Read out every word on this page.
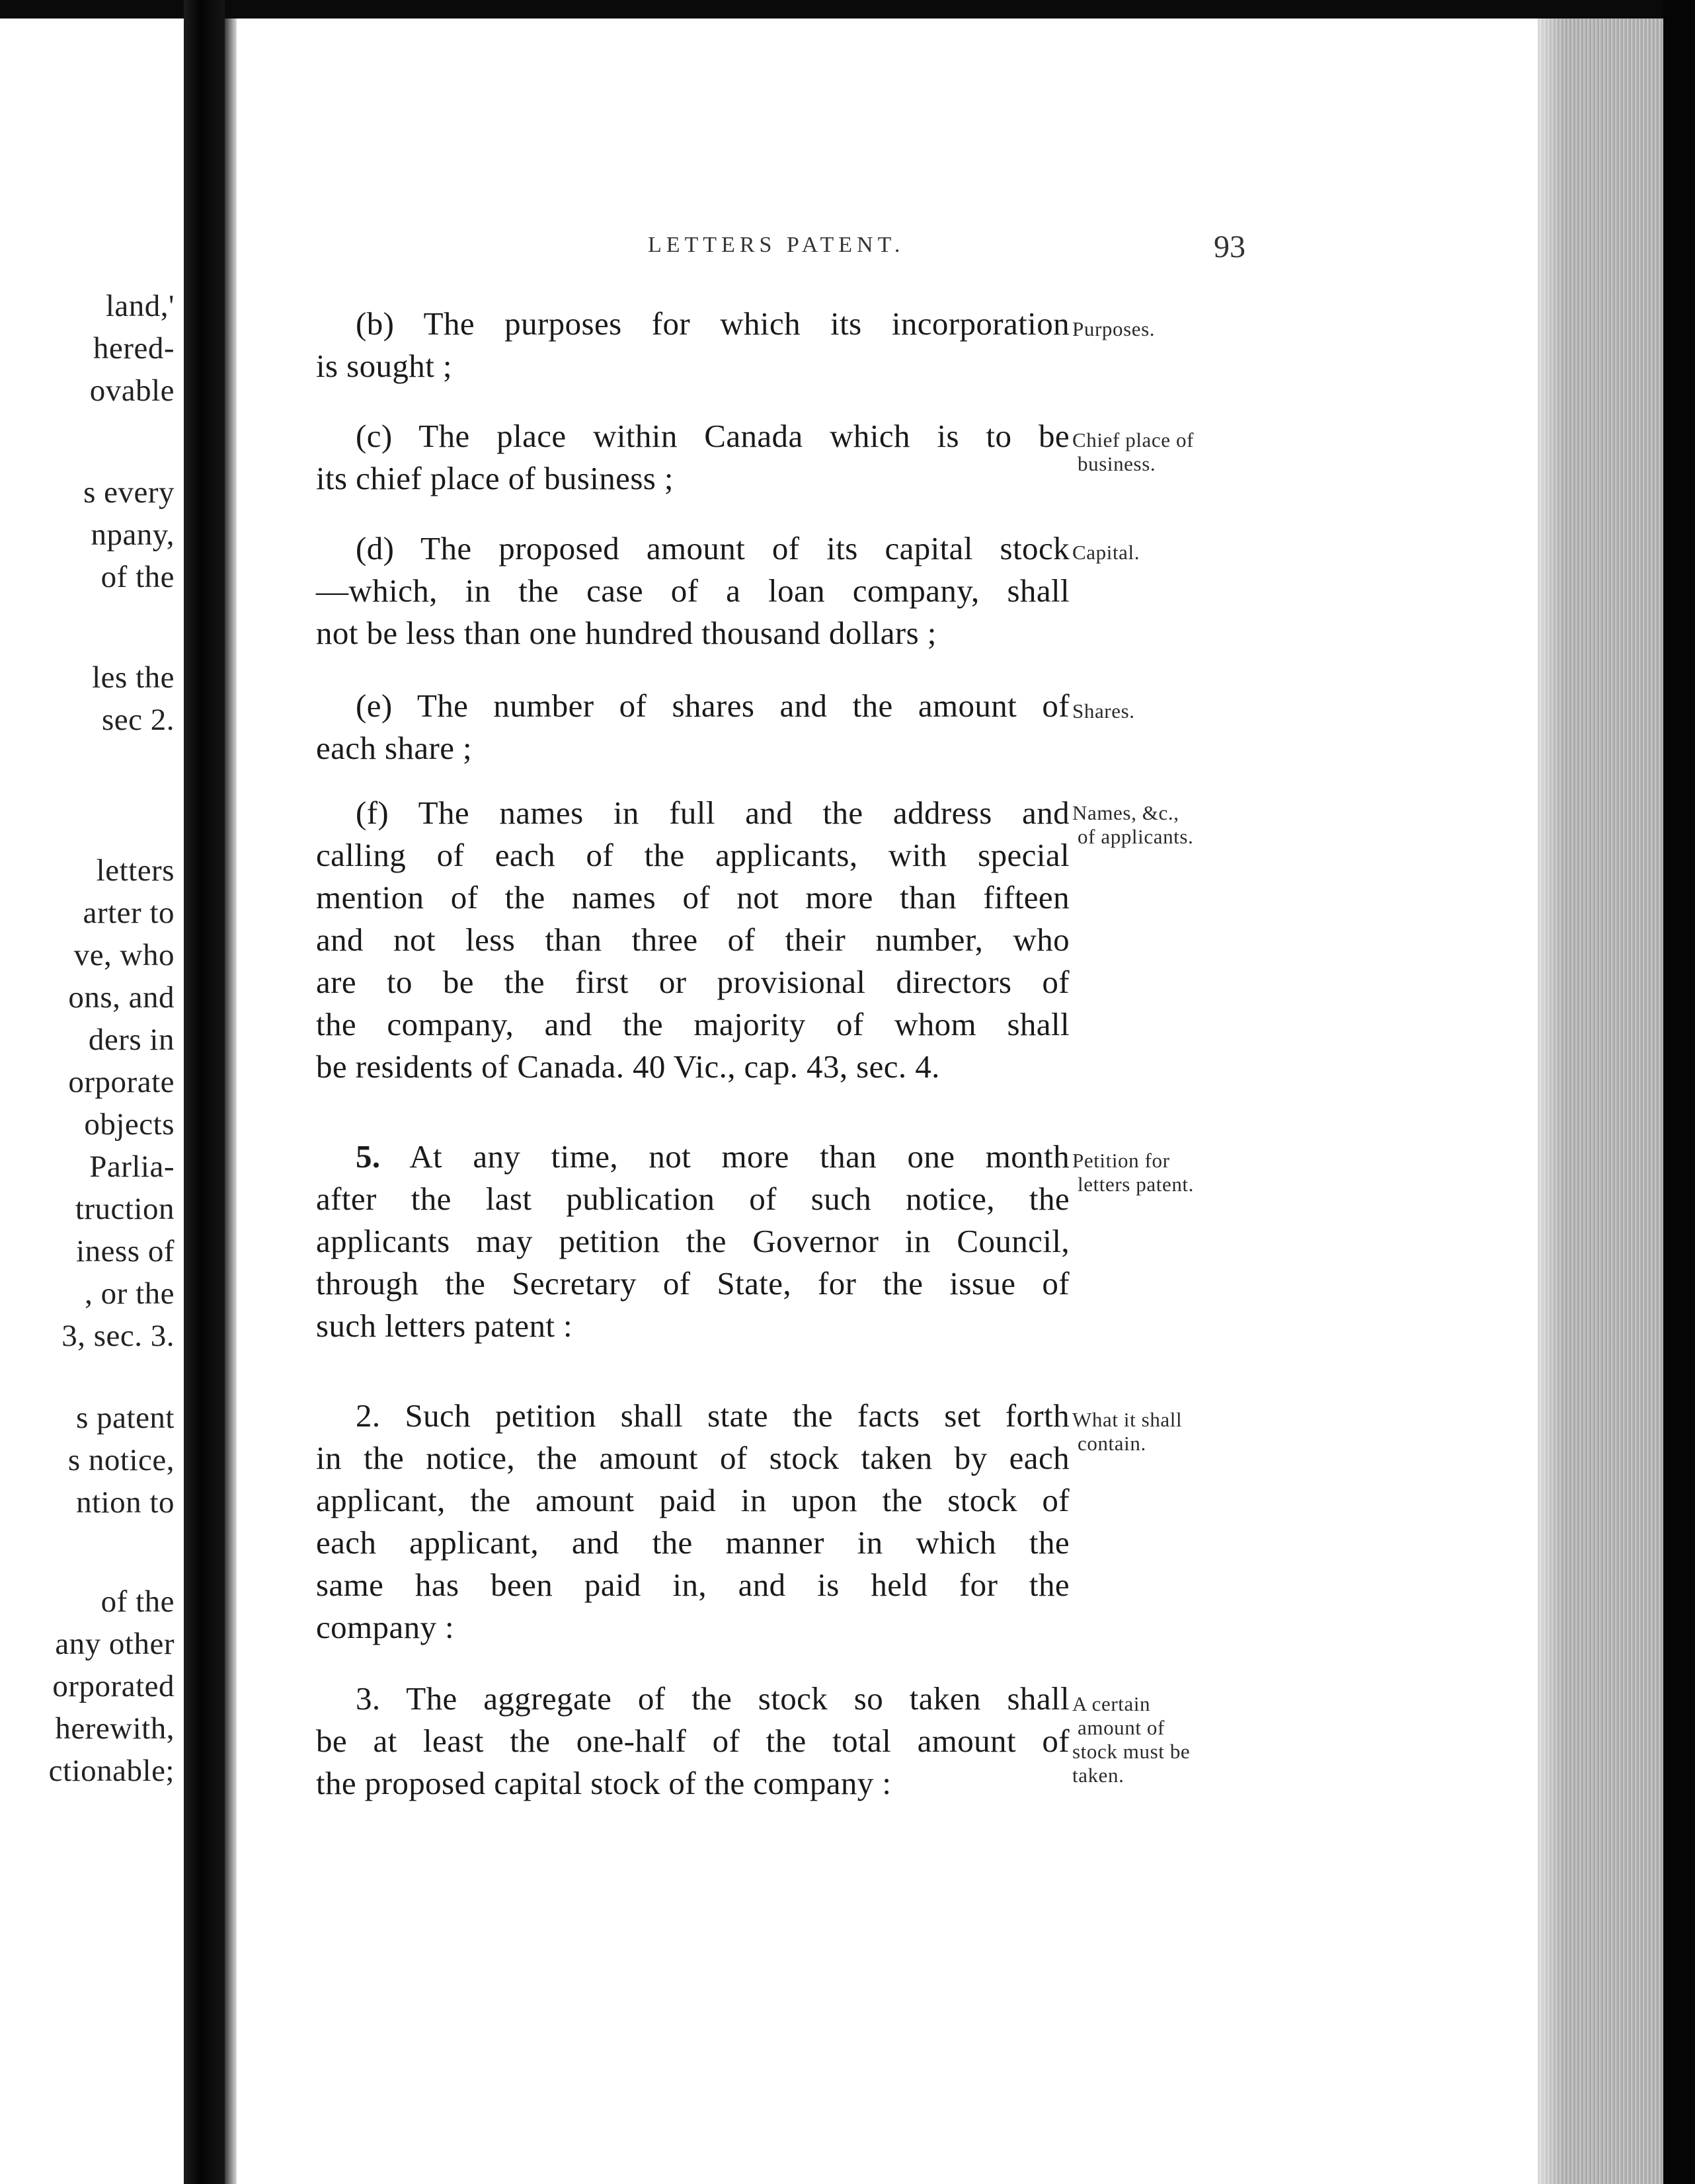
land,'
hered-
ovable
s every
npany,
of the
les the
sec 2.
letters
arter to
ve, who
ons, and
ders in
orporate
objects
Parlia-
truction
iness of
, or the
3, sec. 3.
s patent
s notice,
ntion to
of the
any other
orporated
herewith,
ctionable;
LETTERS PATENT.	93
(b) The purposes for which its incorporation
is sought ;
Purposes.
(c) The place within Canada which is to be
its chief place of business ;
Chief place of
business.
(d) The proposed amount of its capital stock
—which, in the case of a loan company, shall
not be less than one hundred thousand dollars ;
Capital.
(e) The number of shares and the amount of
each share ;
Shares.
(f) The names in full and the address and
calling of each of the applicants, with special
mention of the names of not more than fifteen
and not less than three of their number, who
are to be the first or provisional directors of
the company, and the majority of whom shall
be residents of Canada. 40 Vic., cap. 43, sec. 4.
Names, &c.,
of applicants.
5. At any time, not more than one month
after the last publication of such notice, the
applicants may petition the Governor in Council,
through the Secretary of State, for the issue of
such letters patent :
Petition for
letters patent.
2. Such petition shall state the facts set forth
in the notice, the amount of stock taken by each
applicant, the amount paid in upon the stock of
each applicant, and the manner in which the
same has been paid in, and is held for the
company :
What it shall
contain.
3. The aggregate of the stock so taken shall
be at least the one-half of the total amount of
the proposed capital stock of the company :
A certain
amount of
stock must be
taken.
